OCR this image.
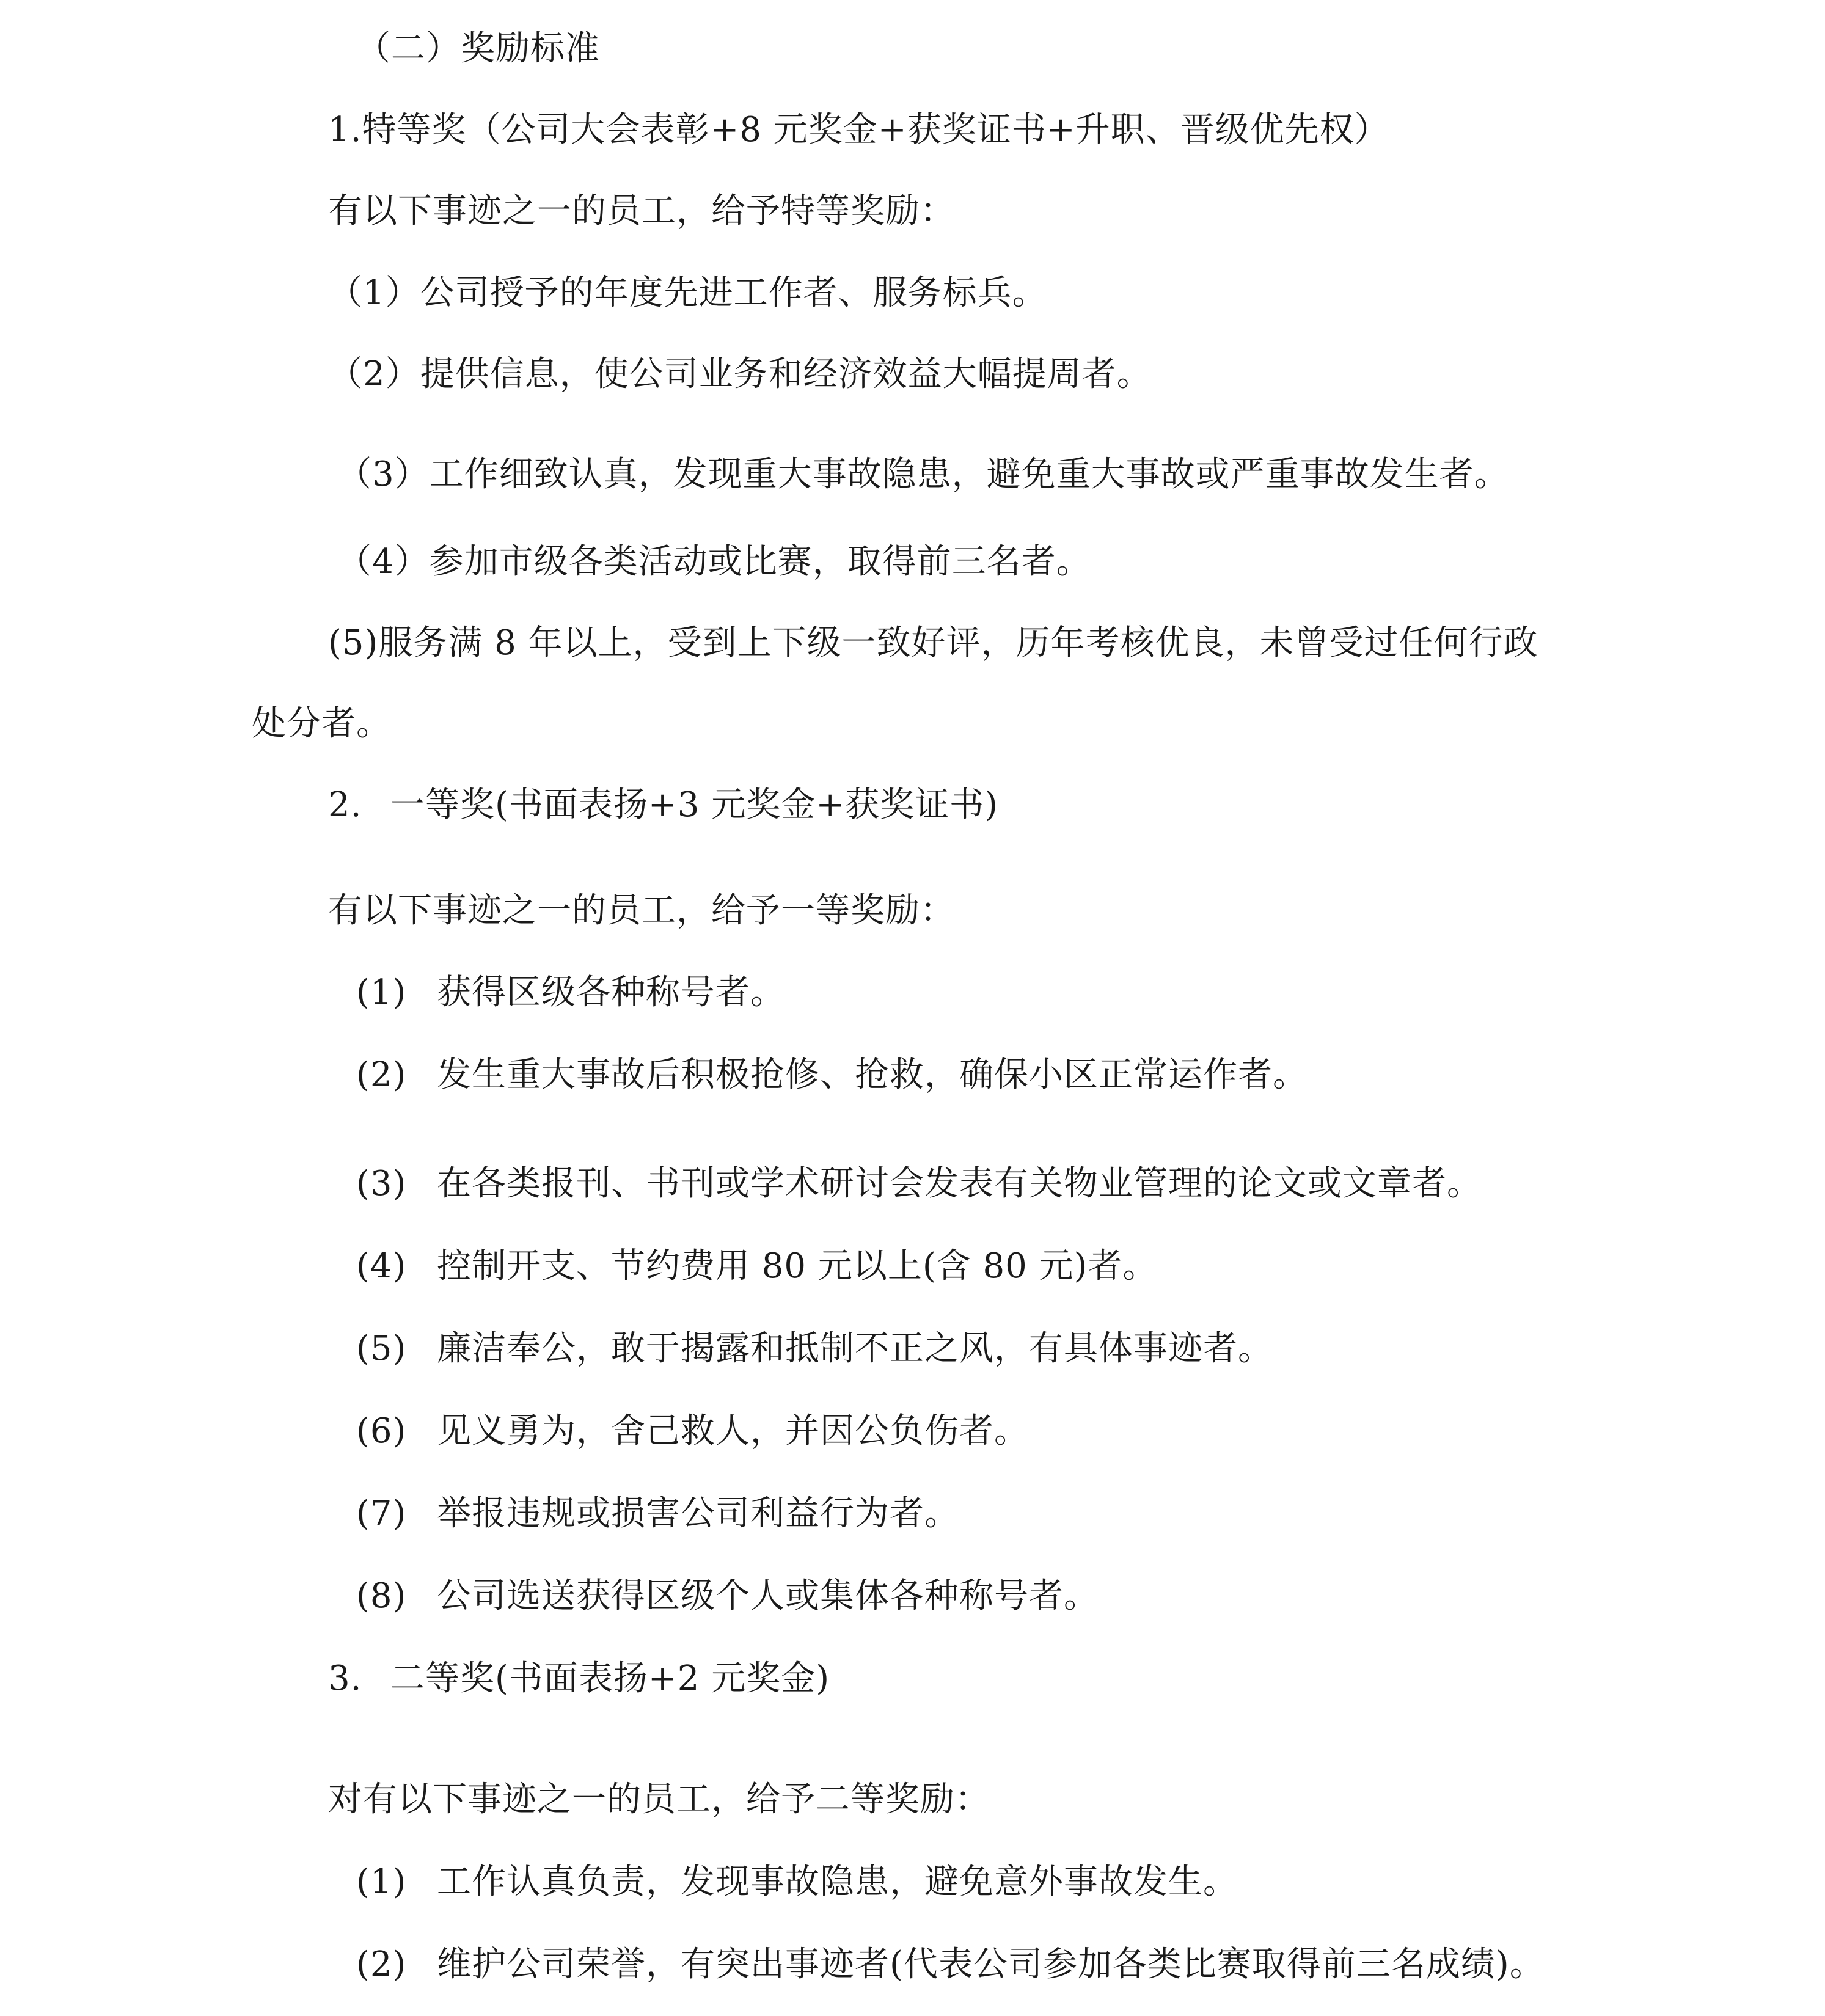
（二）奖励标准
1.特等奖（公司大会表彰+8 元奖金+获奖证书+升职、晋级优先权）
有以下事迹之一的员工，给予特等奖励：
（1）公司授予的年度先进工作者、服务标兵。
（2）提供信息，使公司业务和经济效益大幅提周者。
（3）工作细致认真，发现重大事故隐患，避免重大事故或严重事故发生者。
（4）参加市级各类活动或比赛，取得前三名者。
(5)服务满 8 年以上，受到上下级一致好评，历年考核优良，未曾受过任何行政
处分者。
2. 一等奖(书面表扬+3 元奖金+获奖证书)
有以下事迹之一的员工，给予一等奖励：
(1) 获得区级各种称号者。
(2) 发生重大事故后积极抢修、抢救，确保小区正常运作者。
(3) 在各类报刊、书刊或学术研讨会发表有关物业管理的论文或文章者。
(4) 控制开支、节约费用 80 元以上(含 80 元)者。
(5) 廉洁奉公，敢于揭露和抵制不正之风，有具体事迹者。
(6) 见义勇为，舍己救人，并因公负伤者。
(7) 举报违规或损害公司利益行为者。
(8) 公司选送获得区级个人或集体各种称号者。
3. 二等奖(书面表扬+2 元奖金)
对有以下事迹之一的员工，给予二等奖励：
(1) 工作认真负责，发现事故隐患，避免意外事故发生。
(2) 维护公司荣誉，有突出事迹者(代表公司参加各类比赛取得前三名成绩)。
